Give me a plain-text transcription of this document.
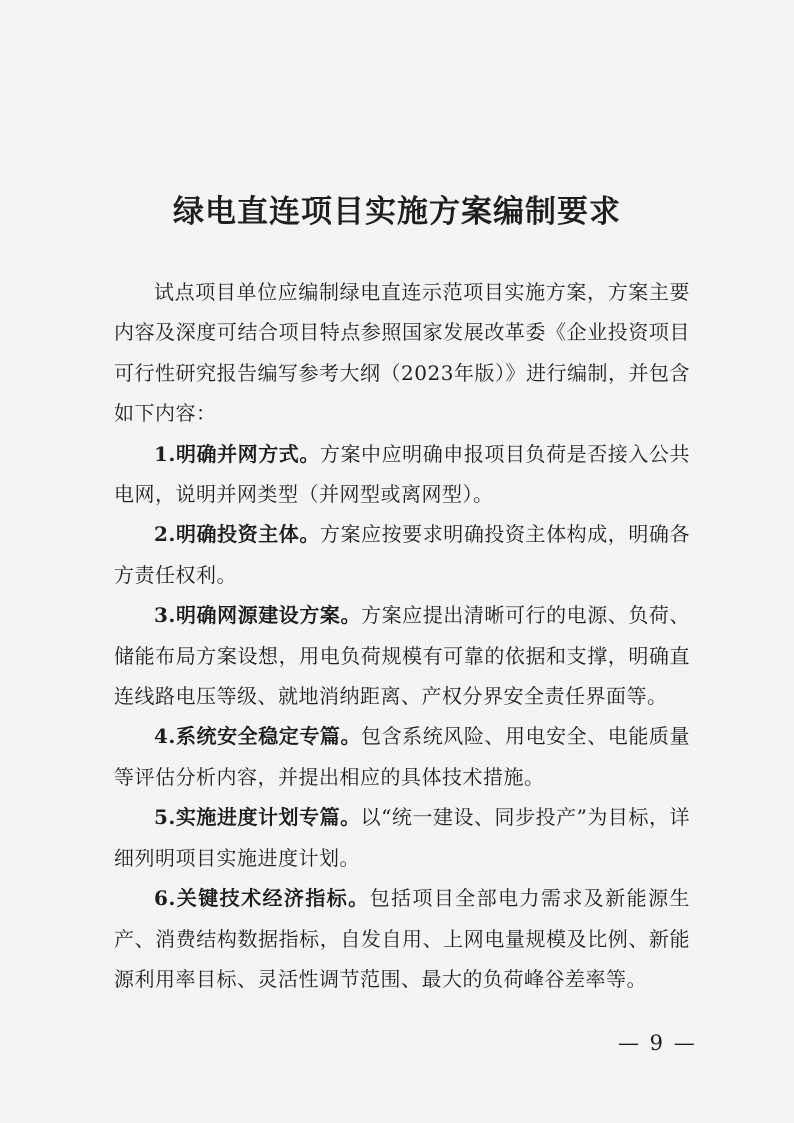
绿电直连项目实施方案编制要求

试点项目单位应编制绿电直连示范项目实施方案，方案主要内容及深度可结合项目特点参照国家发展改革委《企业投资项目可行性研究报告编写参考大纲（2023年版）》进行编制，并包含如下内容：

1.明确并网方式。方案中应明确申报项目负荷是否接入公共电网，说明并网类型（并网型或离网型）。

2.明确投资主体。方案应按要求明确投资主体构成，明确各方责任权利。

3.明确网源建设方案。方案应提出清晰可行的电源、负荷、储能布局方案设想，用电负荷规模有可靠的依据和支撑，明确直连线路电压等级、就地消纳距离、产权分界安全责任界面等。

4.系统安全稳定专篇。包含系统风险、用电安全、电能质量等评估分析内容，并提出相应的具体技术措施。

5.实施进度计划专篇。以“统一建设、同步投产”为目标，详细列明项目实施进度计划。

6.关键技术经济指标。包括项目全部电力需求及新能源生产、消费结构数据指标，自发自用、上网电量规模及比例、新能源利用率目标、灵活性调节范围、最大的负荷峰谷差率等。

— 9 —
